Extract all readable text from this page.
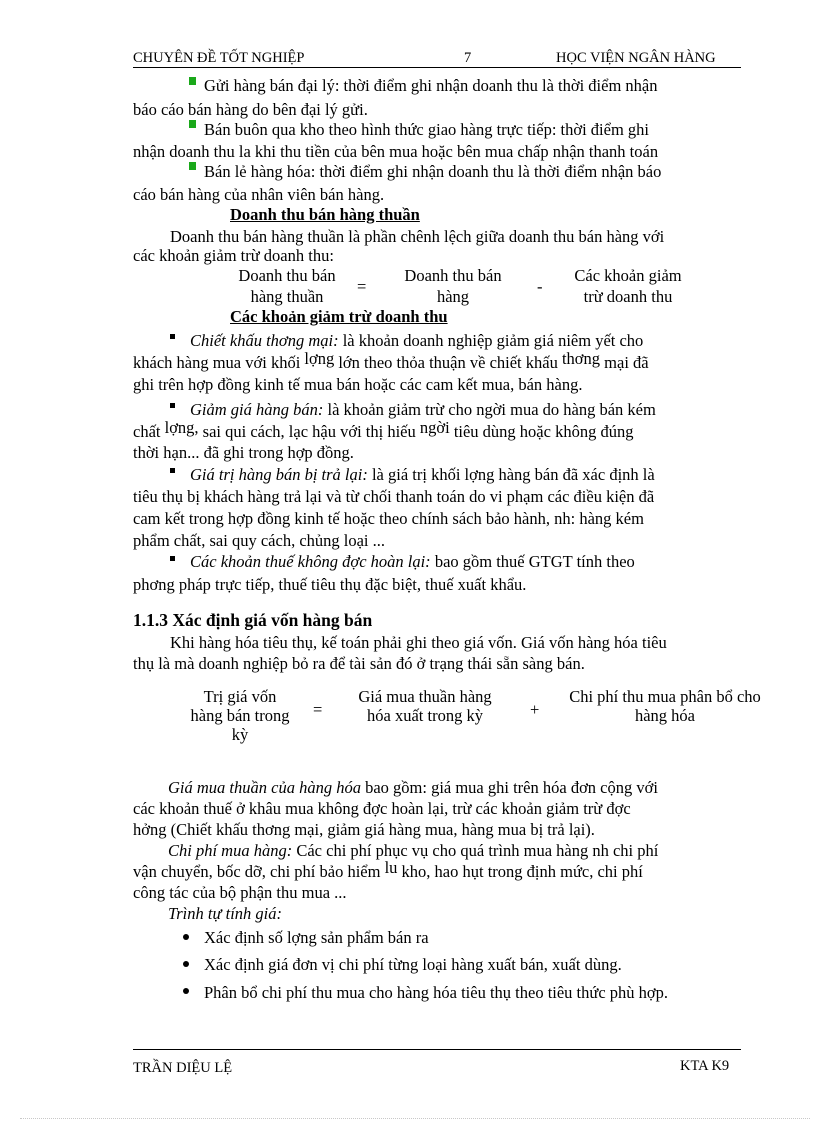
CHUYÊN ĐỀ TỐT NGHIỆP	7	HỌC VIỆN NGÂN HÀNG
Gửi hàng bán đại lý: thời điểm ghi nhận doanh thu là thời điểm nhận
báo cáo bán hàng do bên đại lý gửi.
Bán buôn qua kho theo hình thức giao hàng trực tiếp: thời điểm ghi
nhận doanh thu la khi thu tiền của bên mua hoặc bên mua chấp nhận thanh toán
Bán lẻ hàng hóa: thời điểm ghi nhận doanh thu là thời điểm nhận báo
cáo bán hàng của nhân viên bán hàng.
Doanh thu bán hàng thuần
Doanh thu bán hàng thuần là phần chênh lệch giữa doanh thu bán hàng với
các khoản giảm trừ doanh thu:
Doanh thu bán
hàng thuần
=
Doanh thu bán
hàng
-
Các khoản giảm
trừ doanh thu
Các khoản giảm trừ doanh thu
Chiết khấu thơng mại: là khoản doanh nghiệp giảm giá niêm yết cho
khách hàng mua với khối lợng lớn theo thỏa thuận về chiết khấu thơng mại đã
ghi trên hợp đồng kinh tế mua bán hoặc các cam kết mua, bán hàng.
Giảm giá hàng bán: là khoản giảm trừ cho ngời mua do hàng bán kém
chất lợng, sai qui cách, lạc hậu với thị hiếu ngời tiêu dùng hoặc không đúng
thời hạn... đã ghi trong hợp đồng.
Giá trị hàng bán bị trả lại: là giá trị khối lợng hàng bán đã xác định là
tiêu thụ bị khách hàng trả lại và từ chối thanh toán do vi phạm các điều kiện đã
cam kết trong hợp đồng kinh tế hoặc theo chính sách bảo hành, nh: hàng kém
phẩm chất, sai quy cách, chủng loại ...
Các khoản thuế không đợc hoàn lại: bao gồm thuế GTGT tính theo
phơng pháp trực tiếp, thuế tiêu thụ đặc biệt, thuế xuất khẩu.
1.1.3 Xác định giá vốn hàng bán
Khi hàng hóa tiêu thụ, kế toán phải ghi theo giá vốn. Giá vốn hàng hóa tiêu
thụ là mà doanh nghiệp bỏ ra để tài sản đó ở trạng thái sẵn sàng bán.
Trị giá vốn
hàng bán trong
kỳ
=
Giá mua thuần hàng
hóa xuất trong kỳ	+
Chi phí thu mua phân bổ cho
hàng hóa
Giá mua thuần của hàng hóa bao gồm: giá mua ghi trên hóa đơn cộng với
các khoản thuế ở khâu mua không đợc hoàn lại, trừ các khoản giảm trừ đợc
hởng (Chiết khấu thơng mại, giảm giá hàng mua, hàng mua bị trả lại).
Chi phí mua hàng: Các chi phí phục vụ cho quá trình mua hàng nh chi phí
vận chuyển, bốc dỡ, chi phí bảo hiểm lu kho, hao hụt trong định mức, chi phí
công tác của bộ phận thu mua ...
Trình tự tính giá:
Xác định số lợng sản phẩm bán ra
Xác định giá đơn vị chi phí từng loại hàng xuất bán, xuất dùng.
Phân bổ chi phí thu mua cho hàng hóa tiêu thụ theo tiêu thức phù hợp.
TRẦN DIỆU LỆ	KTA K9
